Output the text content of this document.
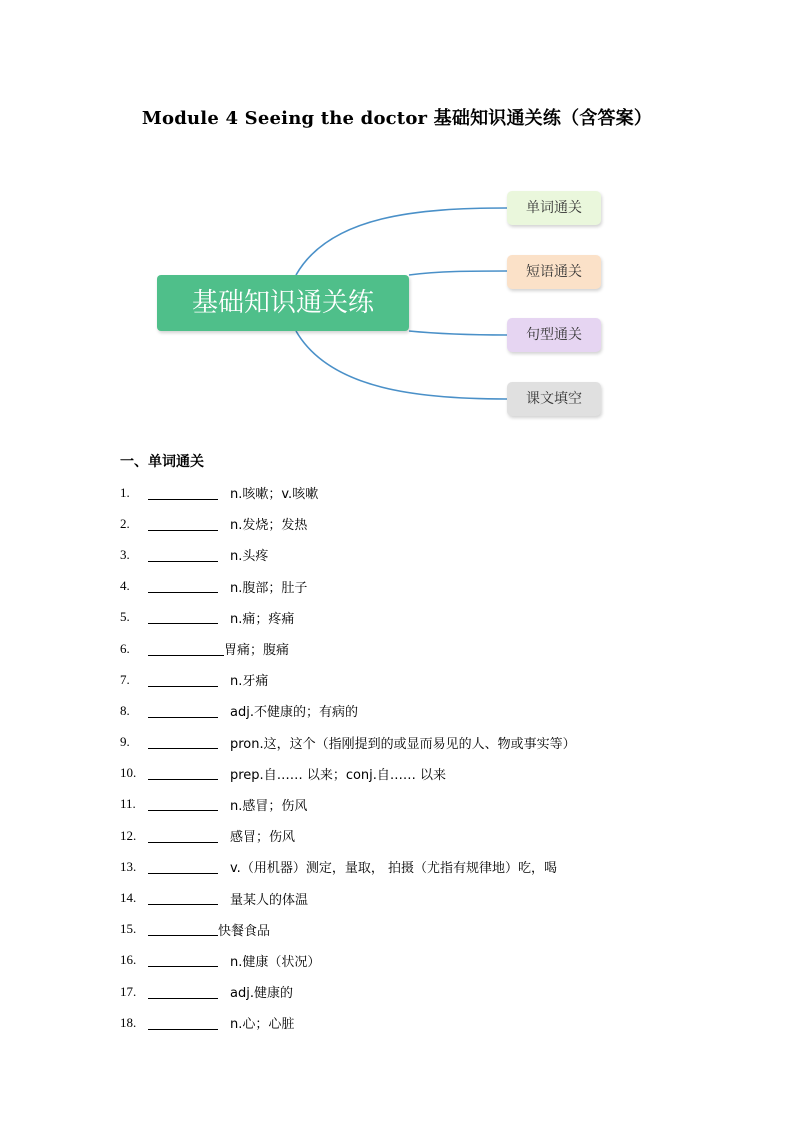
Module 4 Seeing the doctor 基础知识通关练（含答案）
基础知识通关练
单词通关
短语通关
句型通关
课文填空
一、单词通关
1.	n.咳嗽；v.咳嗽
2.	n.发烧；发热
3.	n.头疼
4.	n.腹部；肚子
5.	n.痛；疼痛
6.	胃痛；腹痛
7.	n.牙痛
8.	adj.不健康的；有病的
9.	pron.这，这个（指刚提到的或显而易见的人、物或事实等）
10.	prep.自…… 以来；conj.自…… 以来
11.	n.感冒；伤风
12.	感冒；伤风
13.	v.（用机器）测定，量取， 拍摄（尤指有规律地）吃，喝
14.	量某人的体温
15.	快餐食品
16.	n.健康（状况）
17.	adj.健康的
18.	n.心；心脏
